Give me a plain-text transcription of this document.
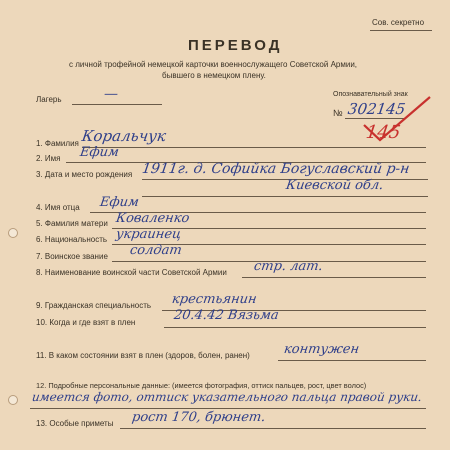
Сов. секретно
ПЕРЕВОД
с личной трофейной немецкой карточки военнослужащего Советской Армии,
бывшего в немецком плену.
Лагерь	—	Опознавательный знак
№ 302145
145
1. Фамилия Коральчук
2. Имя Ефим
3. Дата и место рождения 1911г. д. Софийка Богуславский р-н
Киевской обл.
4. Имя отца Ефим
5. Фамилия матери Коваленко
6. Национальность украинец
7. Воинское звание солдат
8. Наименование воинской части Советской Армии стр. лат.
9. Гражданская специальность крестьянин
10. Когда и где взят в плен	20.4.42 Вязьма
11. В каком состоянии взят в плен (здоров, болен, ранен)	контужен
12. Подробные персональные данные: (имеется фотография, оттиск пальцев, рост, цвет волос)
имеется фото, оттиск указательного пальца правой руки.
13. Особые приметы рост 170, брюнет.
